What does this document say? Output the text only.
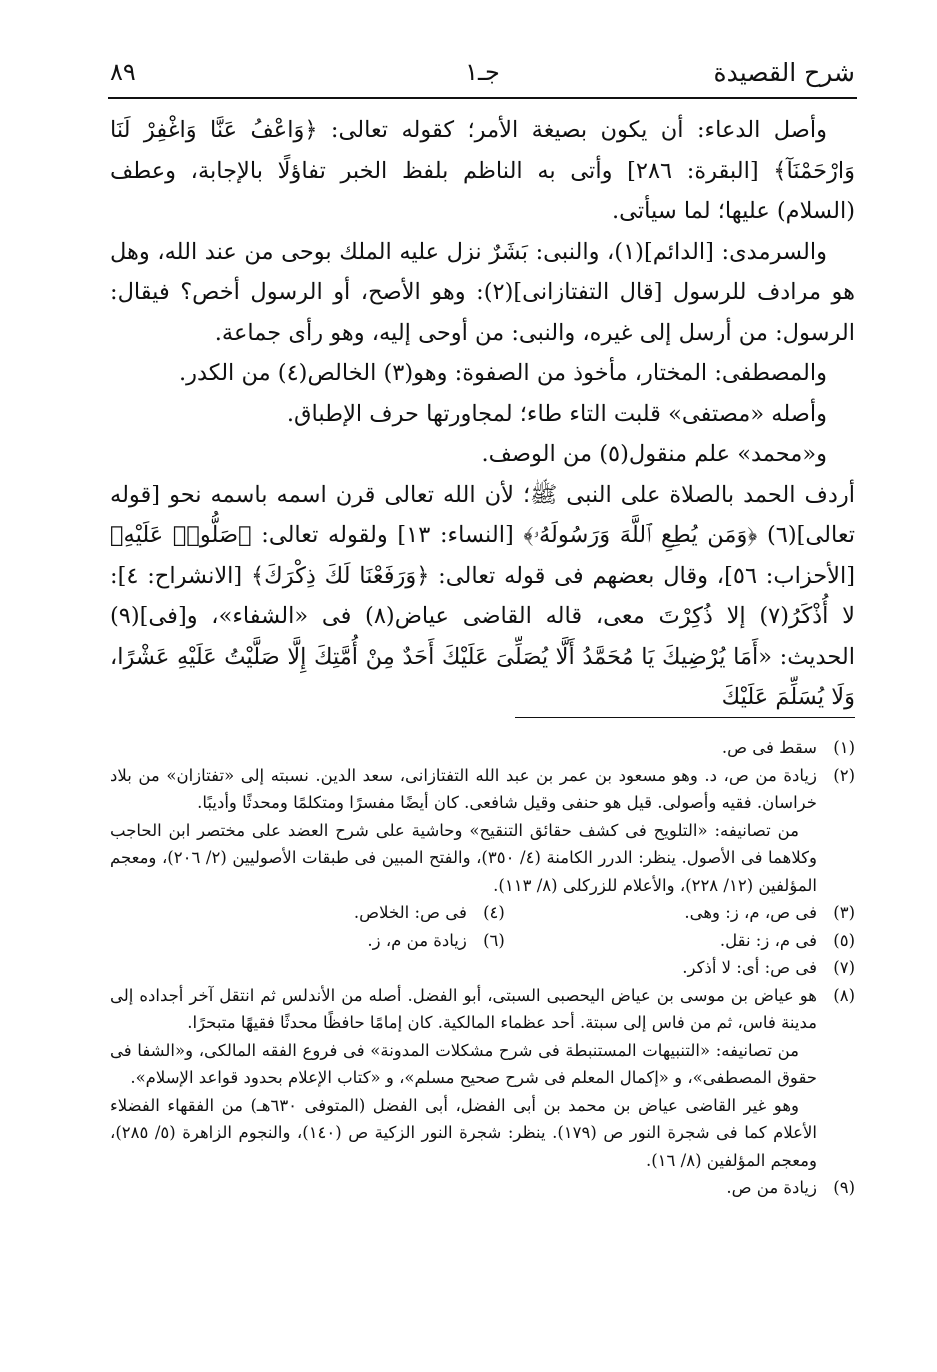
شرح القصيدة
جـ١
٨٩

وأصل الدعاء: أن يكون بصيغة الأمر؛ كقوله تعالى: ﴿وَاعْفُ عَنَّا وَاغْفِرْ لَنَا وَارْحَمْنَآ﴾ [البقرة: ٢٨٦] وأتى به الناظم بلفظ الخبر تفاؤلًا بالإجابة، وعطف (السلام) عليها؛ لما سيأتى.

والسرمدى: [الدائم](١)، والنبى: بَشَرٌ نزل عليه الملك بوحى من عند الله، وهل هو مرادف للرسول [قال التفتازانى](٢): وهو الأصح، أو الرسول أخص؟ فيقال: الرسول: من أرسل إلى غيره، والنبى: من أوحى إليه، وهو رأى جماعة.

والمصطفى: المختار، مأخوذ من الصفوة: وهو(٣) الخالص(٤) من الكدر.

وأصله «مصتفى» قلبت التاء طاء؛ لمجاورتها حرف الإطباق.

و«محمد» علم منقول(٥) من الوصف.

أردف الحمد بالصلاة على النبى ﷺ؛ لأن الله تعالى قرن اسمه باسمه نحو [قوله تعالى](٦) ﴿وَمَن يُطِعِ ٱللَّهَ وَرَسُولَهُۥ﴾ [النساء: ١٣] ولقوله تعالى: ﴿صَلُّوا۟ عَلَيْهِ﴾ [الأحزاب: ٥٦]، وقال بعضهم فى قوله تعالى: ﴿وَرَفَعْنَا لَكَ ذِكْرَكَ﴾ [الانشراح: ٤]: لا أُذْكَرُ(٧) إلا ذُكِرْتَ معى، قاله القاضى عياض(٨) فى «الشفاء»، و[فى](٩) الحديث: «أَمَا يُرْضِيكَ يَا مُحَمَّدُ أَلَّا يُصَلِّىَ عَلَيْكَ أَحَدٌ مِنْ أُمَّتِكَ إِلَّا صَلَّيْتُ عَلَيْهِ عَشْرًا، وَلَا يُسَلِّمَ عَلَيْكَ

(١)
سقط فى ص.
(٢)
زيادة من ص، د. وهو مسعود بن عمر بن عبد الله التفتازانى، سعد الدين. نسبته إلى «تفتازان» من بلاد خراسان. فقيه وأصولى. قيل هو حنفى وقيل شافعى. كان أيضًا مفسرًا ومتكلمًا ومحدثًا وأديبًا.
من تصانيفه: «التلويح فى كشف حقائق التنقيح» وحاشية على شرح العضد على مختصر ابن الحاجب وكلاهما فى الأصول. ينظر: الدرر الكامنة (٤/ ٣٥٠)، والفتح المبين فى طبقات الأصوليين (٢/ ٢٠٦)، ومعجم المؤلفين (١٢/ ٢٢٨)، والأعلام للزركلى (٨/ ١١٣).
(٣)
فى ص، م، ز: وهى.
(٤)
فى ص: الخلاص.
(٥)
فى م، ز: نقل.
(٦)
زيادة من م، ز.
(٧)
فى ص: أى: لا أذكر.
(٨)
هو عياض بن موسى بن عياض اليحصبى السبتى، أبو الفضل. أصله من الأندلس ثم انتقل آخر أجداده إلى مدينة فاس، ثم من فاس إلى سبتة. أحد عظماء المالكية. كان إمامًا حافظًا محدثًا فقيهًا متبحرًا.
من تصانيفه: «التنبيهات المستنبطة فى شرح مشكلات المدونة» فى فروع الفقه المالكى، و«الشفا فى حقوق المصطفى»، و «إكمال المعلم فى شرح صحيح مسلم»، و «كتاب الإعلام بحدود قواعد الإسلام».
وهو غير القاضى عياض بن محمد بن أبى الفضل، أبى الفضل (المتوفى ٦٣٠هـ) من الفقهاء الفضلاء الأعلام كما فى شجرة النور ص (١٧٩). ينظر: شجرة النور الزكية ص (١٤٠)، والنجوم الزاهرة (٥/ ٢٨٥)، ومعجم المؤلفين (٨/ ١٦).
(٩)
زيادة من ص.
